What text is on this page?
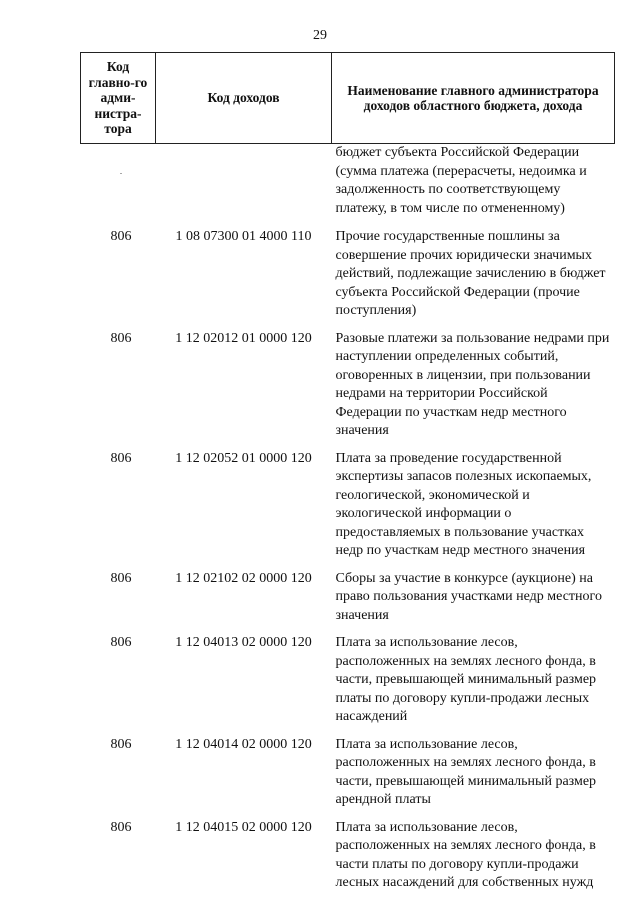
29
Код главно-го адми-нистра-тора	Код доходов	Наименование главного администратора доходов областного бюджета, дохода

.		бюджет субъекта Российской Федерации (сумма платежа (перерасчеты, недоимка и задолженность по соответствующему платежу, в том числе по отмененному)
806	1 08 07300 01 4000 110	Прочие государственные пошлины за совершение прочих юридически значимых действий, подлежащие зачислению в бюджет субъекта Российской Федерации (прочие поступления)
806	1 12 02012 01 0000 120	Разовые платежи за пользование недрами при наступлении определенных событий, оговоренных в лицензии, при пользовании недрами на территории Российской Федерации по участкам недр местного значения
806	1 12 02052 01 0000 120	Плата за проведение государственной экспертизы запасов полезных ископаемых, геологической, экономической и экологической информации о предоставляемых в пользование участках недр по участкам недр местного значения
806	1 12 02102 02 0000 120	Сборы за участие в конкурсе (аукционе) на право пользования участками недр местного значения
806	1 12 04013 02 0000 120	Плата за использование лесов, расположенных на землях лесного фонда, в части, превышающей минимальный размер платы по договору купли-продажи лесных насаждений
806	1 12 04014 02 0000 120	Плата за использование лесов, расположенных на землях лесного фонда, в части, превышающей минимальный размер арендной платы
806	1 12 04015 02 0000 120	Плата за использование лесов, расположенных на землях лесного фонда, в части платы по договору купли-продажи лесных насаждений для собственных нужд
